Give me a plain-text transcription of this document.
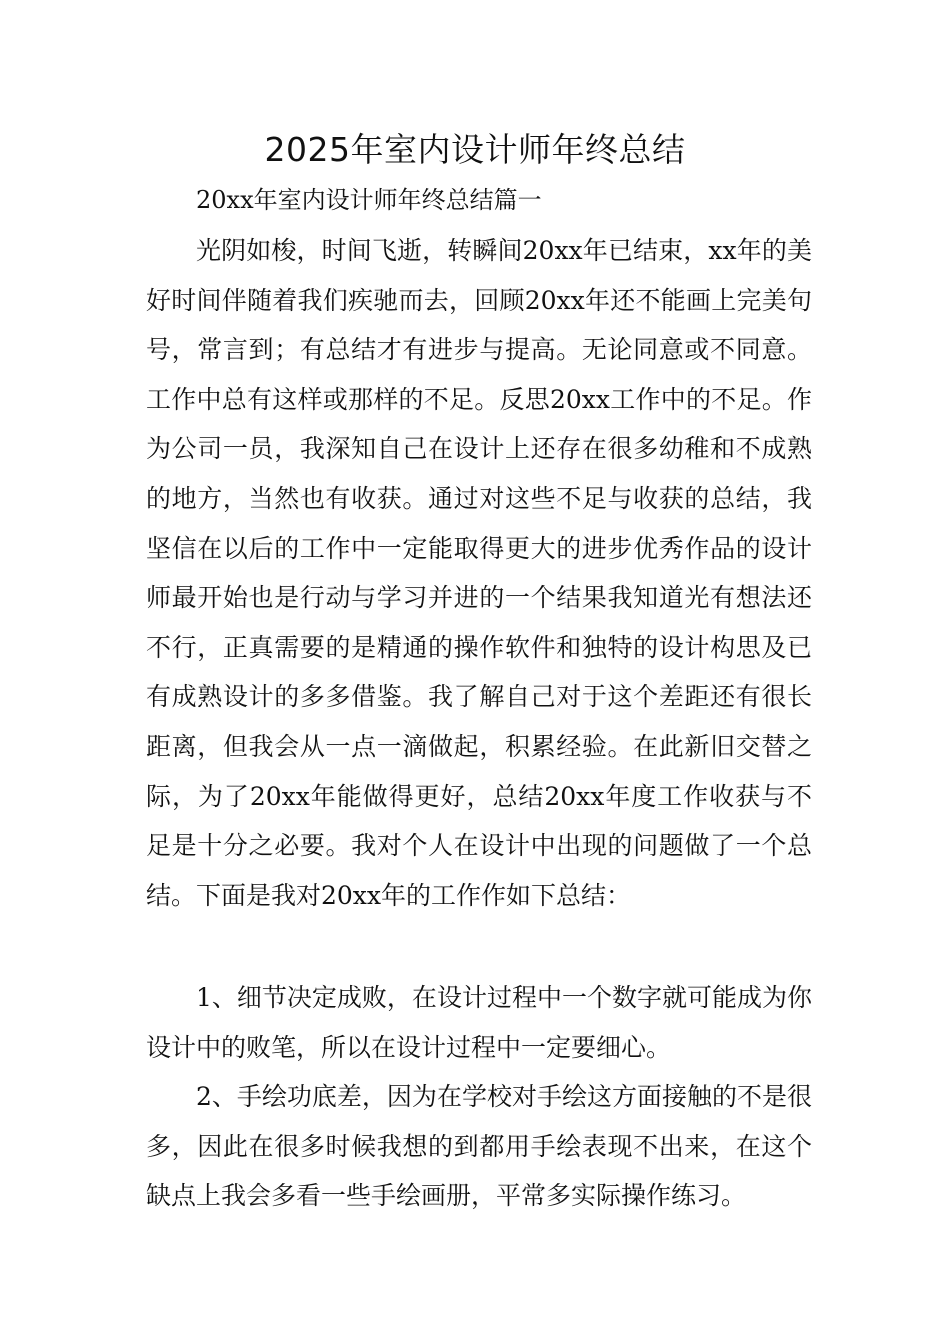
2025年室内设计师年终总结

20xx年室内设计师年终总结篇一

光阴如梭，时间飞逝，转瞬间20xx年已结束，xx年的美好时间伴随着我们疾驰而去，回顾20xx年还不能画上完美句号，常言到；有总结才有进步与提高。无论同意或不同意。工作中总有这样或那样的不足。反思20xx工作中的不足。作为公司一员，我深知自己在设计上还存在很多幼稚和不成熟的地方，当然也有收获。通过对这些不足与收获的总结，我坚信在以后的工作中一定能取得更大的进步优秀作品的设计师最开始也是行动与学习并进的一个结果我知道光有想法还不行，正真需要的是精通的操作软件和独特的设计构思及已有成熟设计的多多借鉴。我了解自己对于这个差距还有很长距离，但我会从一点一滴做起，积累经验。在此新旧交替之际，为了20xx年能做得更好，总结20xx年度工作收获与不足是十分之必要。我对个人在设计中出现的问题做了一个总结。下面是我对20xx年的工作作如下总结：

1、细节决定成败，在设计过程中一个数字就可能成为你设计中的败笔，所以在设计过程中一定要细心。

2、手绘功底差，因为在学校对手绘这方面接触的不是很多，因此在很多时候我想的到都用手绘表现不出来，在这个缺点上我会多看一些手绘画册，平常多实际操作练习。
